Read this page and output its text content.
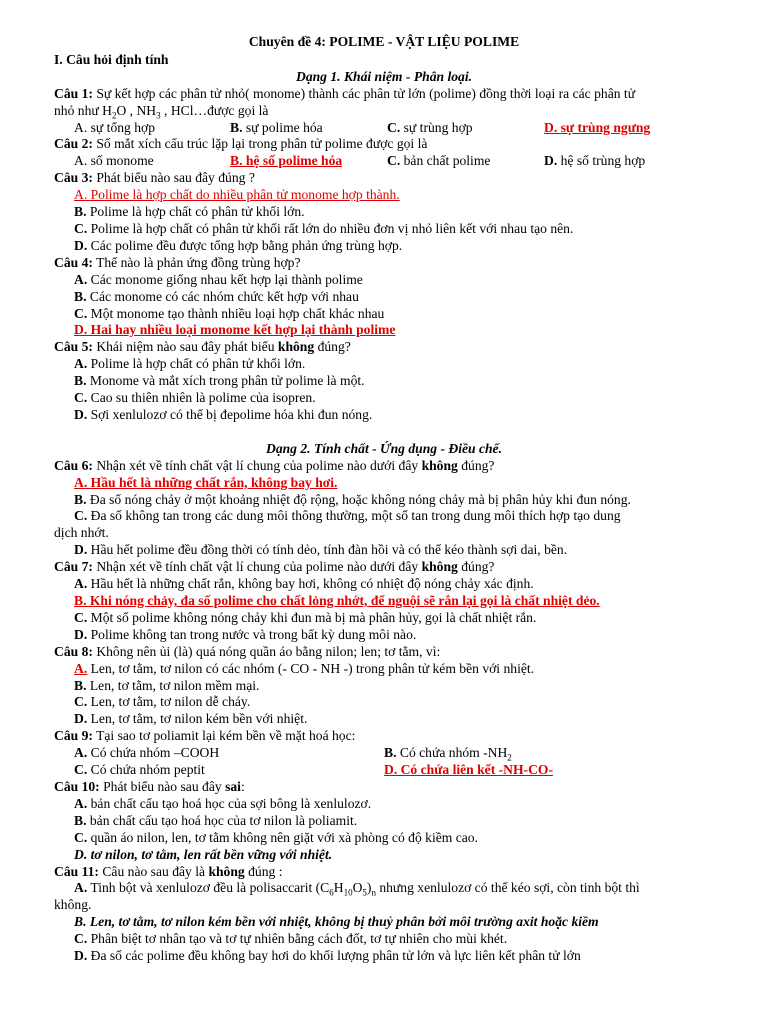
Chuyên đề 4: POLIME - VẬT LIỆU POLIME
I. Câu hỏi định tính
Dạng 1. Khái niệm - Phân loại.
Câu 1: Sự kết hợp các phân tử nhỏ( monome) thành các phân tử lớn (polime) đồng thời loại ra các phân tử
nhỏ như $H_2O$ , $NH_3$ , HCl…được gọi là
A. sự tổng hợp	B. sự polime hóa	C. sự trùng hợp	D. sự trùng ngưng
Câu 2: Số mắt xích cấu trúc lặp lại trong phân tử polime được gọi là
A. số monome	B. hệ số polime hóa	C. bản chất polime	D. hệ số trùng hợp
Câu 3: Phát biểu nào sau đây đúng ?
A. Polime là hợp chất do nhiều phân tử monome hợp thành.
B. Polime là hợp chất có phân tử khối lớn.
C. Polime là hợp chất có phân tử khối rất lớn do nhiều đơn vị nhỏ liên kết với nhau tạo nên.
D. Các polime đều được tổng hợp bằng phản ứng trùng hợp.
Câu 4: Thế nào là phản ứng đồng trùng hợp?
A. Các monome giống nhau kết hợp lại thành polime
B. Các monome có các nhóm chức kết hợp với nhau
C. Một monome tạo thành nhiều loại hợp chất khác nhau
D. Hai hay nhiều loại monome kết hợp lại thành polime
Câu 5: Khái niệm nào sau đây phát biểu không đúng?
A. Polime là hợp chất có phân tử khối lớn.
B. Monome và mắt xích trong phân tử polime là một.
C. Cao su thiên nhiên là polime của isopren.
D. Sợi xenlulozơ có thể bị đepolime hóa khi đun nóng.
Dạng 2. Tính chất - Ứng dụng - Điều chế.
Câu 6: Nhận xét về tính chất vật lí chung của polime nào dưới đây không đúng?
A. Hầu hết là những chất rắn, không bay hơi.
B. Đa số nóng chảy ở một khoảng nhiệt độ rộng, hoặc không nóng chảy mà bị phân hủy khi đun nóng.
C. Đa số không tan trong các dung môi thông thường, một số tan trong dung môi thích hợp tạo dung
dịch nhớt.
D. Hầu hết polime đều đồng thời có tính dẻo, tính đàn hồi và có thể kéo thành sợi dai, bền.
Câu 7: Nhận xét về tính chất vật lí chung của polime nào dưới đây không đúng?
A. Hầu hết là những chất rắn, không bay hơi, không có nhiệt độ nóng chảy xác định.
B. Khi nóng chảy, đa số polime cho chất lỏng nhớt, để nguội sẽ rắn lại gọi là chất nhiệt dẻo.
C. Một số polime không nóng chảy khi đun mà bị mà phân hủy, gọi là chất nhiệt rắn.
D. Polime không tan trong nước và trong bất kỳ dung môi nào.
Câu 8: Không nên ủi (là) quá nóng quần áo bằng nilon; len; tơ tằm, vì:
A. Len, tơ tằm, tơ nilon có các nhóm (- CO - NH -) trong phân tử kém bền với nhiệt.
B. Len, tơ tằm, tơ nilon mềm mại.
C. Len, tơ tằm, tơ nilon dễ cháy.
D. Len, tơ tằm, tơ nilon kém bền với nhiệt.
Câu 9: Tại sao tơ poliamit lại kém bền về mặt hoá học:
A. Có chứa nhóm –COOH	B. Có chứa nhóm $-NH_2$
C. Có chứa nhóm peptit	D. Có chứa liên kết -NH-CO-
Câu 10: Phát biểu nào sau đây sai:
A. bản chất cấu tạo hoá học của sợi bông là xenlulozơ.
B. bản chất cấu tạo hoá học của tơ nilon là poliamit.
C. quần áo nilon, len, tơ tằm không nên giặt với xà phòng có độ kiềm cao.
D. tơ nilon, tơ tằm, len rất bền vững với nhiệt.
Câu 11: Câu nào sau đây là không đúng :
A. Tinh bột và xenlulozơ đều là polisaccarit $(C_6H_{10}O_5)_n$ nhưng xenlulozơ có thể kéo sợi, còn tinh bột thì
không.
B. Len, tơ tằm, tơ nilon kém bền với nhiệt, không bị thuỷ phân bởi môi trường axit hoặc kiềm
C. Phân biệt tơ nhân tạo và tơ tự nhiên bằng cách đốt, tơ tự nhiên cho mùi khét.
D. Đa số các polime đều không bay hơi do khối lượng phân tử lớn và lực liên kết phân tử lớn
